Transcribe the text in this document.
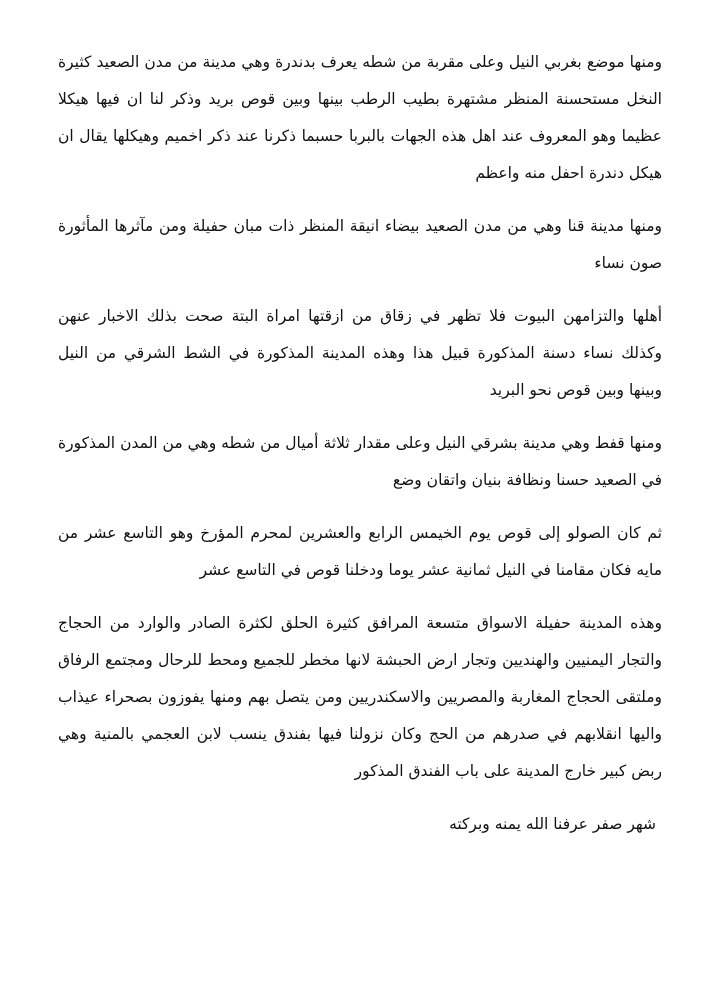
ومنها موضع بغربي النيل وعلى مقربة من شطه يعرف بدندرة وهي مدينة من مدن الصعيد كثيرة النخل مستحسنة المنظر مشتهرة بطيب الرطب بينها وبين قوص بريد وذكر لنا ان فيها هيكلا عظيما وهو المعروف عند اهل هذه الجهات بالبربا حسبما ذكرنا عند ذكر اخميم وهيكلها يقال ان هيكل دندرة احفل منه واعظم

ومنها مدينة قنا وهي من مدن الصعيد بيضاء انيقة المنظر ذات مبان حفيلة ومن مآثرها المأثورة صون نساء

أهلها والتزامهن البيوت فلا تظهر في زقاق من ازقتها امراة البتة صحت بذلك الاخبار عنهن وكذلك نساء دسنة المذكورة قبيل هذا وهذه المدينة المذكورة في الشط الشرقي من النيل وبينها وبين قوص نحو البريد

ومنها قفط وهي مدينة بشرقي النيل وعلى مقدار ثلاثة أميال من شطه وهي من المدن المذكورة في الصعيد حسنا ونظافة بنيان واتقان وضع

ثم كان الصولو إلى قوص يوم الخيمس الرابع والعشرين لمحرم المؤرخ وهو التاسع عشر من مايه فكان مقامنا في النيل ثمانية عشر يوما ودخلنا قوص في التاسع عشر

وهذه المدينة حفيلة الاسواق متسعة المرافق كثيرة الحلق لكثرة الصادر والوارد من الحجاج والتجار اليمنيين والهنديين وتجار ارض الحبشة لانها مخطر للجميع ومحط للرحال ومجتمع الرفاق وملتقى الحجاج المغاربة والمصريين والاسكندريين ومن يتصل بهم ومنها يفوزون بصحراء عيذاب واليها انقلابهم في صدرهم من الحج وكان نزولنا فيها بفندق ينسب لابن العجمي بالمنية وهي ربض كبير خارج المدينة على باب الفندق المذكور

شهر صفر عرفنا الله يمنه وبركته
